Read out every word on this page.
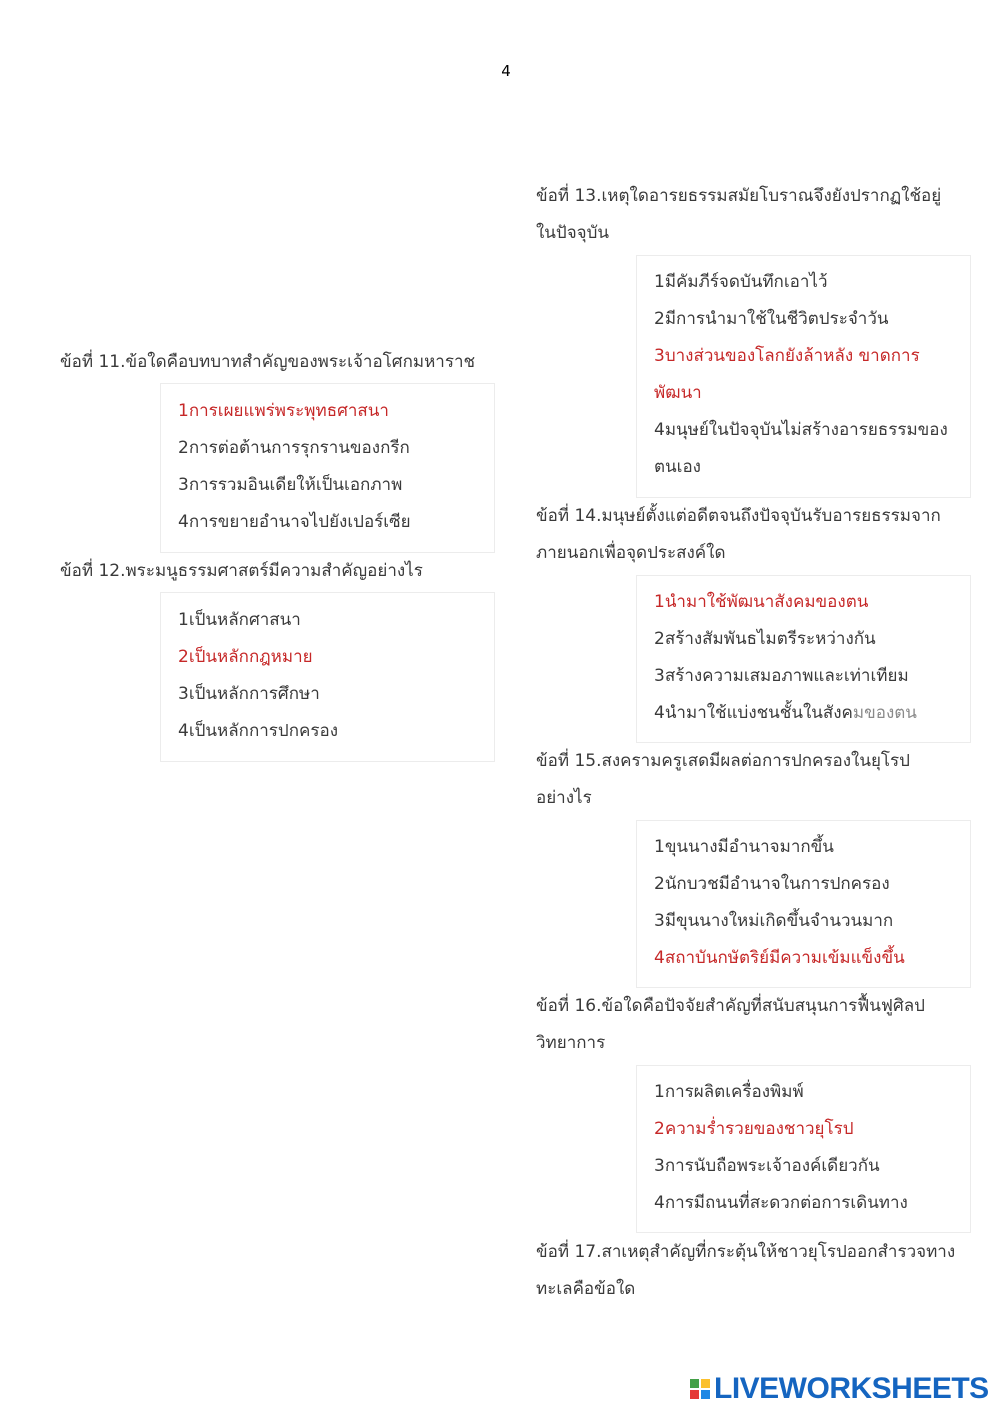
4
ข้อที่ 11.ข้อใดคือบทบาทสำคัญของพระเจ้าอโศกมหาราช
1การเผยแพร่พระพุทธศาสนา
2การต่อต้านการรุกรานของกรีก
3การรวมอินเดียให้เป็นเอกภาพ
4การขยายอำนาจไปยังเปอร์เซีย
ข้อที่ 12.พระมนูธรรมศาสตร์มีความสำคัญอย่างไร
1เป็นหลักศาสนา
2เป็นหลักกฎหมาย
3เป็นหลักการศึกษา
4เป็นหลักการปกครอง
ข้อที่ 13.เหตุใดอารยธรรมสมัยโบราณจึงยังปรากฏใช้อยู่
ในปัจจุบัน
1มีคัมภีร์จดบันทึกเอาไว้
2มีการนำมาใช้ในชีวิตประจำวัน
3บางส่วนของโลกยังล้าหลัง ขาดการ
พัฒนา
4มนุษย์ในปัจจุบันไม่สร้างอารยธรรมของ
ตนเอง
ข้อที่ 14.มนุษย์ตั้งแต่อดีตจนถึงปัจจุบันรับอารยธรรมจาก
ภายนอกเพื่อจุดประสงค์ใด
1นำมาใช้พัฒนาสังคมของตน
2สร้างสัมพันธไมตรีระหว่างกัน
3สร้างความเสมอภาพและเท่าเทียม
4นำมาใช้แบ่งชนชั้นในสังคมของตน
ข้อที่ 15.สงครามครูเสดมีผลต่อการปกครองในยุโรป
อย่างไร
1ขุนนางมีอำนาจมากขึ้น
2นักบวชมีอำนาจในการปกครอง
3มีขุนนางใหม่เกิดขึ้นจำนวนมาก
4สถาบันกษัตริย์มีความเข้มแข็งขึ้น
ข้อที่ 16.ข้อใดคือปัจจัยสำคัญที่สนับสนุนการฟื้นฟูศิลป
วิทยาการ
1การผลิตเครื่องพิมพ์
2ความร่ำรวยของชาวยุโรป
3การนับถือพระเจ้าองค์เดียวกัน
4การมีถนนที่สะดวกต่อการเดินทาง
ข้อที่ 17.สาเหตุสำคัญที่กระตุ้นให้ชาวยุโรปออกสำรวจทาง
ทะเลคือข้อใด
LIVEWORKSHEETS
